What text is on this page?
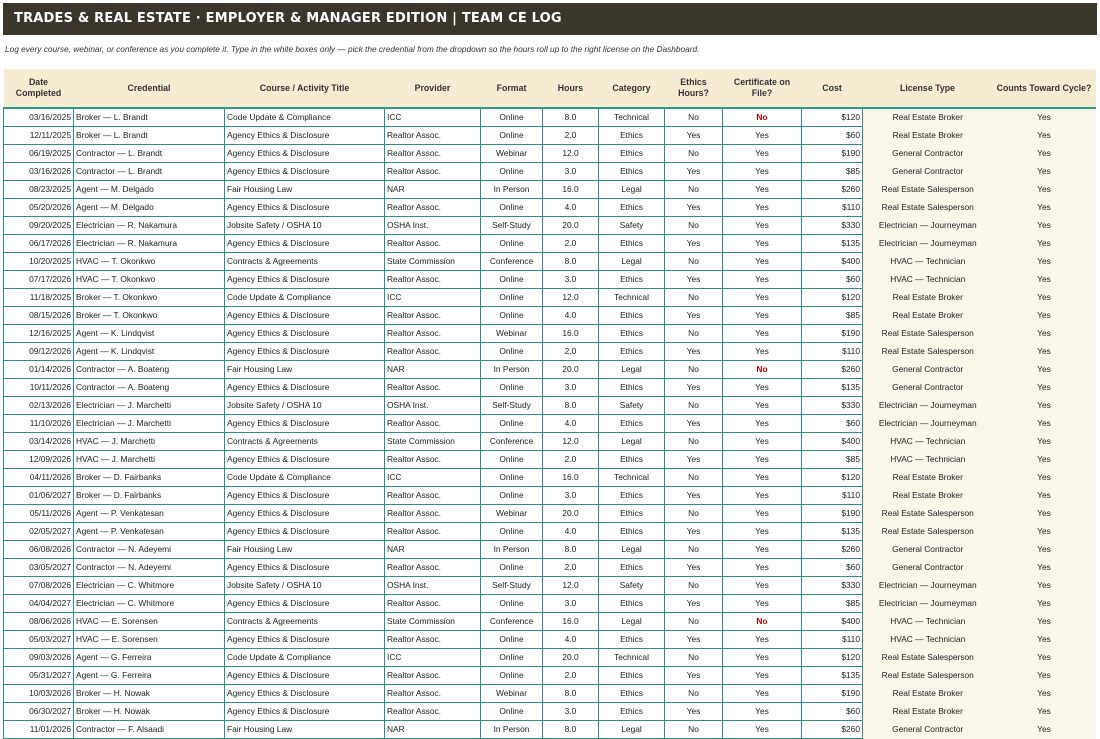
TRADES & REAL ESTATE · EMPLOYER & MANAGER EDITION | TEAM CE LOG
Log every course, webinar, or conference as you complete it. Type in the white boxes only — pick the credential from the dropdown so the hours roll up to the right license on the Dashboard.
Date Completed	Credential	Course / Activity Title	Provider	Format	Hours	Category	Ethics Hours?	Certificate on File?	Cost	License Type	Counts Toward Cycle?
03/16/2025	Broker — L. Brandt	Code Update & Compliance	ICC	Online	8.0	Technical	No	No	$120	Real Estate Broker	Yes
12/11/2025	Broker — L. Brandt	Agency Ethics & Disclosure	Realtor Assoc.	Online	2.0	Ethics	Yes	Yes	$60	Real Estate Broker	Yes
06/19/2025	Contractor — L. Brandt	Agency Ethics & Disclosure	Realtor Assoc.	Webinar	12.0	Ethics	No	Yes	$190	General Contractor	Yes
03/16/2026	Contractor — L. Brandt	Agency Ethics & Disclosure	Realtor Assoc.	Online	3.0	Ethics	Yes	Yes	$85	General Contractor	Yes
08/23/2025	Agent — M. Delgado	Fair Housing Law	NAR	In Person	16.0	Legal	No	Yes	$260	Real Estate Salesperson	Yes
05/20/2026	Agent — M. Delgado	Agency Ethics & Disclosure	Realtor Assoc.	Online	4.0	Ethics	Yes	Yes	$110	Real Estate Salesperson	Yes
09/20/2025	Electrician — R. Nakamura	Jobsite Safety / OSHA 10	OSHA Inst.	Self-Study	20.0	Safety	No	Yes	$330	Electrician — Journeyman	Yes
06/17/2026	Electrician — R. Nakamura	Agency Ethics & Disclosure	Realtor Assoc.	Online	2.0	Ethics	Yes	Yes	$135	Electrician — Journeyman	Yes
10/20/2025	HVAC — T. Okonkwo	Contracts & Agreements	State Commission	Conference	8.0	Legal	No	Yes	$400	HVAC — Technician	Yes
07/17/2026	HVAC — T. Okonkwo	Agency Ethics & Disclosure	Realtor Assoc.	Online	3.0	Ethics	Yes	Yes	$60	HVAC — Technician	Yes
11/18/2025	Broker — T. Okonkwo	Code Update & Compliance	ICC	Online	12.0	Technical	No	Yes	$120	Real Estate Broker	Yes
08/15/2026	Broker — T. Okonkwo	Agency Ethics & Disclosure	Realtor Assoc.	Online	4.0	Ethics	Yes	Yes	$85	Real Estate Broker	Yes
12/16/2025	Agent — K. Lindqvist	Agency Ethics & Disclosure	Realtor Assoc.	Webinar	16.0	Ethics	No	Yes	$190	Real Estate Salesperson	Yes
09/12/2026	Agent — K. Lindqvist	Agency Ethics & Disclosure	Realtor Assoc.	Online	2.0	Ethics	Yes	Yes	$110	Real Estate Salesperson	Yes
01/14/2026	Contractor — A. Boateng	Fair Housing Law	NAR	In Person	20.0	Legal	No	No	$260	General Contractor	Yes
10/11/2026	Contractor — A. Boateng	Agency Ethics & Disclosure	Realtor Assoc.	Online	3.0	Ethics	Yes	Yes	$135	General Contractor	Yes
02/13/2026	Electrician — J. Marchetti	Jobsite Safety / OSHA 10	OSHA Inst.	Self-Study	8.0	Safety	No	Yes	$330	Electrician — Journeyman	Yes
11/10/2026	Electrician — J. Marchetti	Agency Ethics & Disclosure	Realtor Assoc.	Online	4.0	Ethics	Yes	Yes	$60	Electrician — Journeyman	Yes
03/14/2026	HVAC — J. Marchetti	Contracts & Agreements	State Commission	Conference	12.0	Legal	No	Yes	$400	HVAC — Technician	Yes
12/09/2026	HVAC — J. Marchetti	Agency Ethics & Disclosure	Realtor Assoc.	Online	2.0	Ethics	Yes	Yes	$85	HVAC — Technician	Yes
04/11/2026	Broker — D. Fairbanks	Code Update & Compliance	ICC	Online	16.0	Technical	No	Yes	$120	Real Estate Broker	Yes
01/06/2027	Broker — D. Fairbanks	Agency Ethics & Disclosure	Realtor Assoc.	Online	3.0	Ethics	Yes	Yes	$110	Real Estate Broker	Yes
05/11/2026	Agent — P. Venkatesan	Agency Ethics & Disclosure	Realtor Assoc.	Webinar	20.0	Ethics	No	Yes	$190	Real Estate Salesperson	Yes
02/05/2027	Agent — P. Venkatesan	Agency Ethics & Disclosure	Realtor Assoc.	Online	4.0	Ethics	Yes	Yes	$135	Real Estate Salesperson	Yes
06/08/2026	Contractor — N. Adeyemi	Fair Housing Law	NAR	In Person	8.0	Legal	No	Yes	$260	General Contractor	Yes
03/05/2027	Contractor — N. Adeyemi	Agency Ethics & Disclosure	Realtor Assoc.	Online	2.0	Ethics	Yes	Yes	$60	General Contractor	Yes
07/08/2026	Electrician — C. Whitmore	Jobsite Safety / OSHA 10	OSHA Inst.	Self-Study	12.0	Safety	No	Yes	$330	Electrician — Journeyman	Yes
04/04/2027	Electrician — C. Whitmore	Agency Ethics & Disclosure	Realtor Assoc.	Online	3.0	Ethics	Yes	Yes	$85	Electrician — Journeyman	Yes
08/06/2026	HVAC — E. Sorensen	Contracts & Agreements	State Commission	Conference	16.0	Legal	No	No	$400	HVAC — Technician	Yes
05/03/2027	HVAC — E. Sorensen	Agency Ethics & Disclosure	Realtor Assoc.	Online	4.0	Ethics	Yes	Yes	$110	HVAC — Technician	Yes
09/03/2026	Agent — G. Ferreira	Code Update & Compliance	ICC	Online	20.0	Technical	No	Yes	$120	Real Estate Salesperson	Yes
05/31/2027	Agent — G. Ferreira	Agency Ethics & Disclosure	Realtor Assoc.	Online	2.0	Ethics	Yes	Yes	$135	Real Estate Salesperson	Yes
10/03/2026	Broker — H. Nowak	Agency Ethics & Disclosure	Realtor Assoc.	Webinar	8.0	Ethics	No	Yes	$190	Real Estate Broker	Yes
06/30/2027	Broker — H. Nowak	Agency Ethics & Disclosure	Realtor Assoc.	Online	3.0	Ethics	Yes	Yes	$60	Real Estate Broker	Yes
11/01/2026	Contractor — F. Alsaadi	Fair Housing Law	NAR	In Person	8.0	Legal	No	Yes	$260	General Contractor	Yes
